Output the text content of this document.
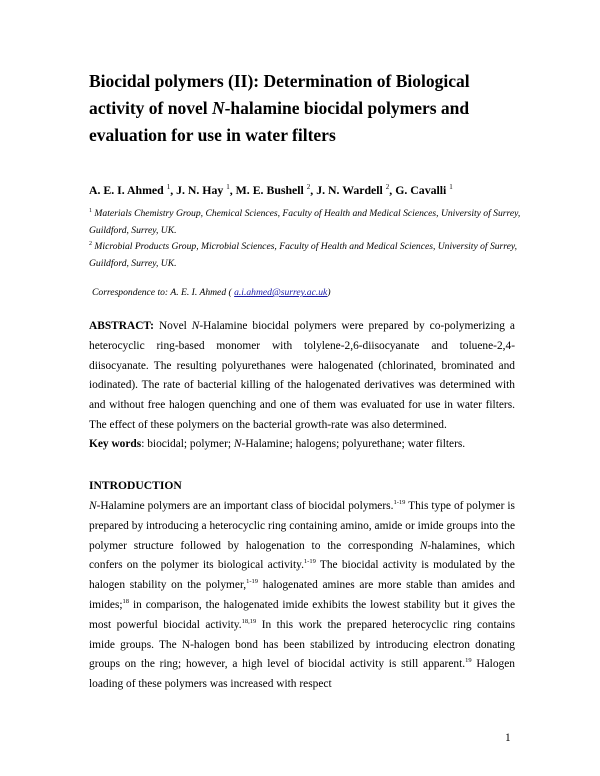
Biocidal polymers (II): Determination of Biological activity of novel N-halamine biocidal polymers and evaluation for use in water filters

A. E. I. Ahmed $^1$, J. N. Hay $^1$, M. E. Bushell $^2$, J. N. Wardell $^2$, G. Cavalli $^1$

$^1$ Materials Chemistry Group, Chemical Sciences, Faculty of Health and Medical Sciences, University of Surrey, Guildford, Surrey, UK.

$^2$ Microbial Products Group, Microbial Sciences, Faculty of Health and Medical Sciences, University of Surrey, Guildford, Surrey, UK.

Correspondence to: A. E. I. Ahmed ( a.i.ahmed@surrey.ac.uk)

ABSTRACT: Novel N-Halamine biocidal polymers were prepared by co-polymerizing a heterocyclic ring-based monomer with tolylene-2,6-diisocyanate and toluene-2,4-diisocyanate. The resulting polyurethanes were halogenated (chlorinated, brominated and iodinated). The rate of bacterial killing of the halogenated derivatives was determined with and without free halogen quenching and one of them was evaluated for use in water filters. The effect of these polymers on the bacterial growth-rate was also determined.

Key words: biocidal; polymer; N-Halamine; halogens; polyurethane; water filters.

INTRODUCTION

N-Halamine polymers are an important class of biocidal polymers.$^{1-19}$ This type of polymer is prepared by introducing a heterocyclic ring containing amino, amide or imide groups into the polymer structure followed by halogenation to the corresponding N-halamines, which confers on the polymer its biological activity.$^{1-19}$ The biocidal activity is modulated by the halogen stability on the polymer,$^{1-19}$ halogenated amines are more stable than amides and imides;$^{18}$ in comparison, the halogenated imide exhibits the lowest stability but it gives the most powerful biocidal activity.$^{18,19}$ In this work the prepared heterocyclic ring contains imide groups. The N-halogen bond has been stabilized by introducing electron donating groups on the ring; however, a high level of biocidal activity is still apparent.$^{19}$ Halogen loading of these polymers was increased with respect

1
